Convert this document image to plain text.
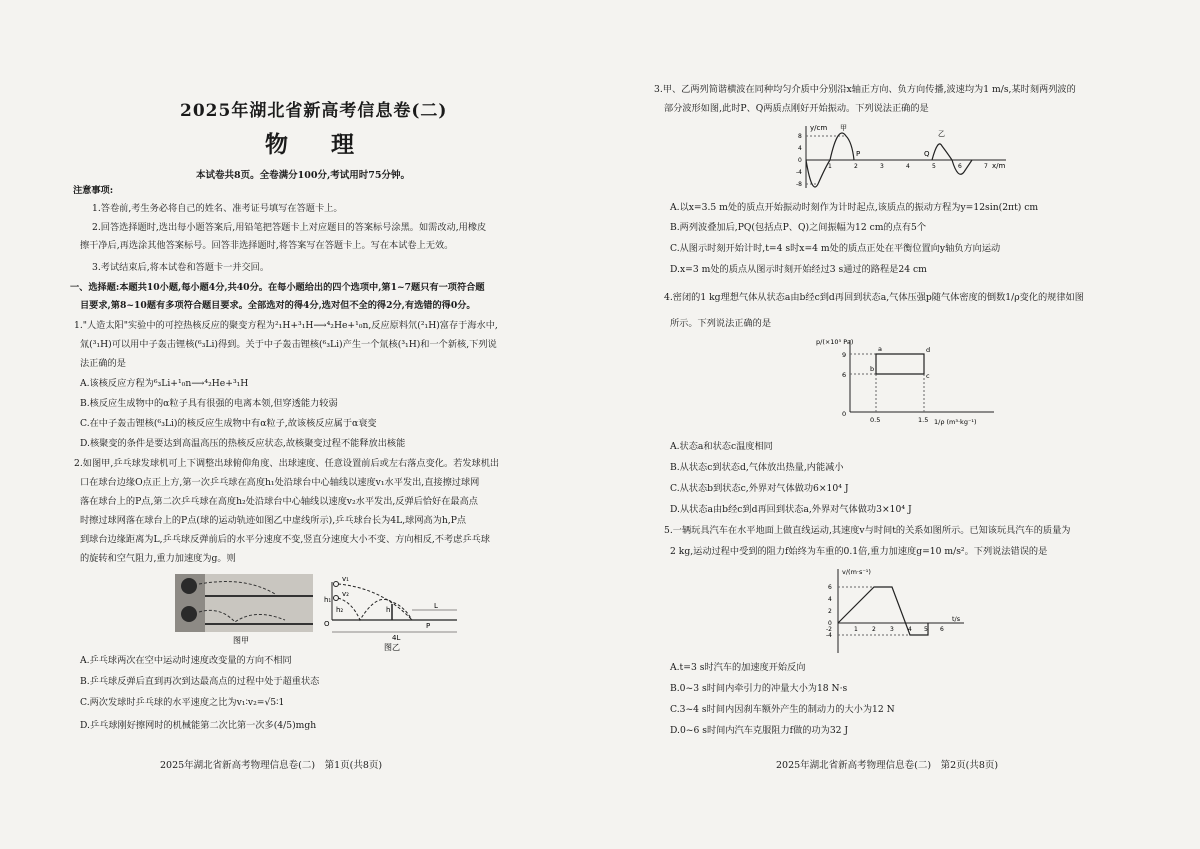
2025年湖北省新高考信息卷(二)
物　理
本试卷共8页。全卷满分100分,考试用时75分钟。
注意事项:
1.答卷前,考生务必将自己的姓名、准考证号填写在答题卡上。
2.回答选择题时,选出每小题答案后,用铅笔把答题卡上对应题目的答案标号涂黑。如需改动,用橡皮
擦干净后,再选涂其他答案标号。回答非选择题时,将答案写在答题卡上。写在本试卷上无效。
3.考试结束后,将本试卷和答题卡一并交回。
一、选择题:本题共10小题,每小题4分,共40分。在每小题给出的四个选项中,第1~7题只有一项符合题
目要求,第8~10题有多项符合题目要求。全部选对的得4分,选对但不全的得2分,有选错的得0分。
1."人造太阳"实验中的可控热核反应的聚变方程为²₁H+³₁H⟶⁴₂He+¹₀n,反应原料氘(²₁H)富存于海水中,
氚(³₁H)可以用中子轰击锂核(⁶₃Li)得到。关于中子轰击锂核(⁶₃Li)产生一个氚核(³₁H)和一个新核,下列说
法正确的是
A.该核反应方程为⁶₃Li+¹₀n⟶⁴₂He+³₁H
B.核反应生成物中的α粒子具有很强的电离本领,但穿透能力较弱
C.在中子轰击锂核(⁶₃Li)的核反应生成物中有α粒子,故该核反应属于α衰变
D.核聚变的条件是要达到高温高压的热核反应状态,故核聚变过程不能释放出核能
2.如图甲,乒乓球发球机可上下调整出球俯仰角度、出球速度、任意设置前后或左右落点变化。若发球机出
口在球台边缘O点正上方,第一次乒乓球在高度h₁处沿球台中心轴线以速度v₁水平发出,直接擦过球网
落在球台上的P点,第二次乒乓球在高度h₂处沿球台中心轴线以速度v₂水平发出,反弹后恰好在最高点
时擦过球网落在球台上的P点(球的运动轨迹如图乙中虚线所示),乒乓球台长为4L,球网高为h,P点
到球台边缘距离为L,乒乓球反弹前后的水平分速度不变,竖直分速度大小不变、方向相反,不考虑乒乓球
的旋转和空气阻力,重力加速度为g。则
图甲
v₁
v₂
h₁
h₂
O
h
4L
L
P
图乙
A.乒乓球两次在空中运动时速度改变量的方向不相同
B.乒乓球反弹后直到再次到达最高点的过程中处于超重状态
C.两次发球时乒乓球的水平速度之比为v₁∶v₂=√5∶1
D.乒乓球刚好擦网时的机械能第二次比第一次多(4/5)mgh
2025年湖北省新高考物理信息卷(二)　第1页(共8页)
3.甲、乙两列简谐横波在同种均匀介质中分别沿x轴正方向、负方向传播,波速均为1 m/s,某时刻两列波的
部分波形如图,此时P、Q两质点刚好开始振动。下列说法正确的是
y/cm
x/m
甲
乙
P	Q
8
4
0
-4
-8
1	2	3	4	5	6	7
A.以x=3.5 m处的质点开始振动时刻作为计时起点,该质点的振动方程为y=12sin(2πt) cm
B.两列波叠加后,PQ(包括点P、Q)之间振幅为12 cm的点有5个
C.从图示时刻开始计时,t=4 s时x=4 m处的质点正处在平衡位置向y轴负方向运动
D.x=3 m处的质点从图示时刻开始经过3 s通过的路程是24 cm
4.密闭的1 kg理想气体从状态a由b经c到d再回到状态a,气体压强p随气体密度的倒数1/ρ变化的规律如图
所示。下列说法正确的是
p/(×10⁵ Pa)
1/ρ (m³·kg⁻¹)
9
6
0
0.5	1.5
a
b
c
d
A.状态a和状态c温度相同
B.从状态c到状态d,气体放出热量,内能减小
C.从状态b到状态c,外界对气体做功6×10⁴ J
D.从状态a由b经c到d再回到状态a,外界对气体做功3×10⁴ J
5.一辆玩具汽车在水平地面上做直线运动,其速度v与时间t的关系如图所示。已知该玩具汽车的质量为
2 kg,运动过程中受到的阻力f始终为车重的0.1倍,重力加速度g=10 m/s²。下列说法错误的是
v/(m·s⁻¹)
t/s
6
4
2
0
-2
-4
1 2 3 4 5 6
A.t=3 s时汽车的加速度开始反向
B.0~3 s时间内牵引力的冲量大小为18 N·s
C.3~4 s时间内因刹车额外产生的制动力的大小为12 N
D.0~6 s时间内汽车克服阻力f做的功为32 J
2025年湖北省新高考物理信息卷(二)　第2页(共8页)
